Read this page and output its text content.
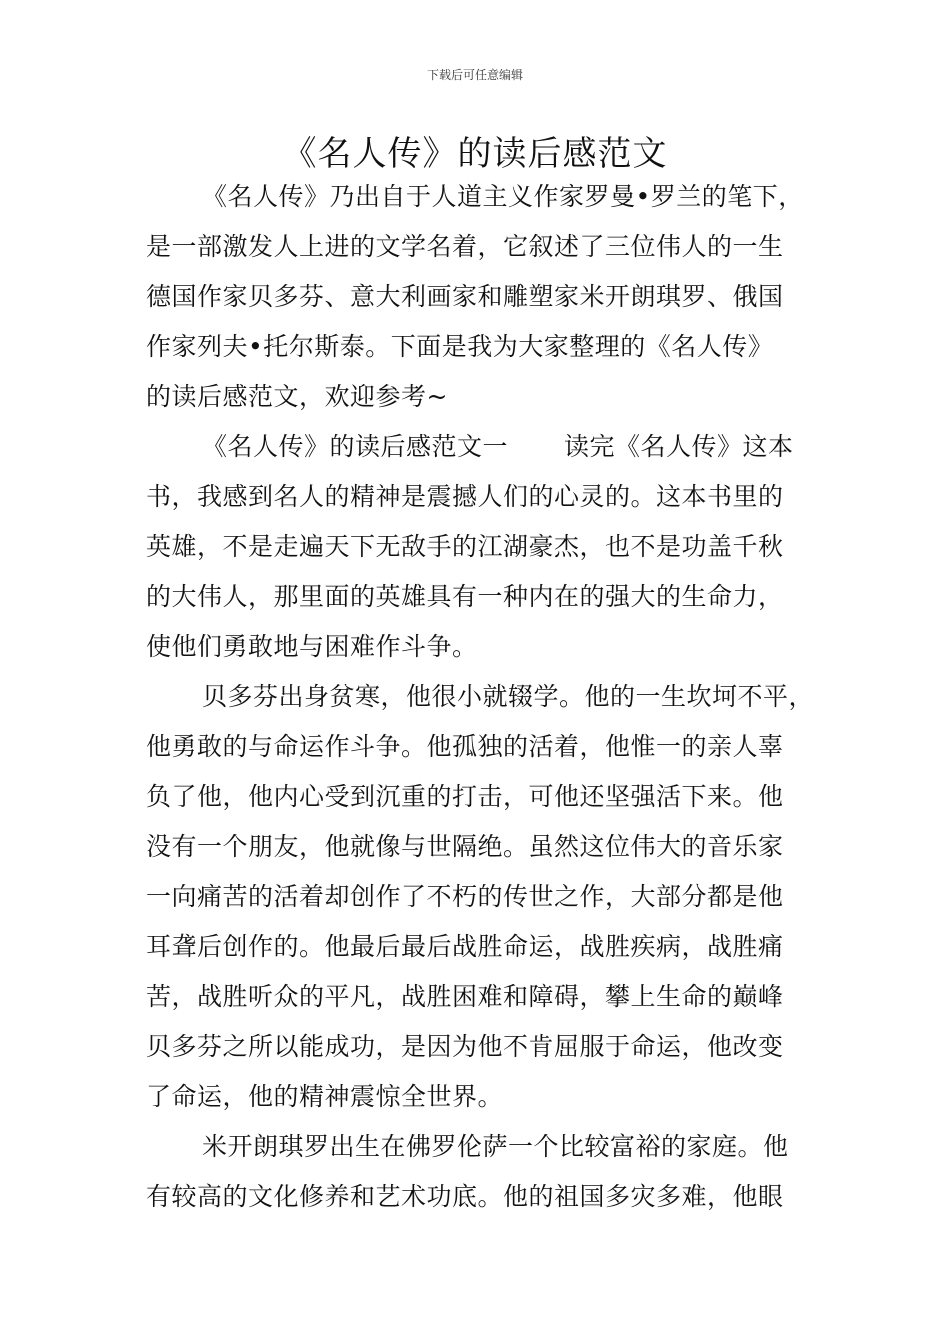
下载后可任意编辑
《名人传》的读后感范文
《名人传》乃出自于人道主义作家罗曼•罗兰的笔下，
是一部激发人上进的文学名着，它叙述了三位伟人的一生
德国作家贝多芬、意大利画家和雕塑家米开朗琪罗、俄国
作家列夫•托尔斯泰。下面是我为大家整理的《名人传》
的读后感范文，欢迎参考~
《名人传》的读后感范文一 读完《名人传》这本
书，我感到名人的精神是震撼人们的心灵的。这本书里的
英雄，不是走遍天下无敌手的江湖豪杰，也不是功盖千秋
的大伟人，那里面的英雄具有一种内在的强大的生命力，
使他们勇敢地与困难作斗争。
贝多芬出身贫寒，他很小就辍学。他的一生坎坷不平，
他勇敢的与命运作斗争。他孤独的活着，他惟一的亲人辜
负了他，他内心受到沉重的打击，可他还坚强活下来。他
没有一个朋友，他就像与世隔绝。虽然这位伟大的音乐家
一向痛苦的活着却创作了不朽的传世之作，大部分都是他
耳聋后创作的。他最后最后战胜命运，战胜疾病，战胜痛
苦，战胜听众的平凡，战胜困难和障碍，攀上生命的巅峰
贝多芬之所以能成功，是因为他不肯屈服于命运，他改变
了命运，他的精神震惊全世界。
米开朗琪罗出生在佛罗伦萨一个比较富裕的家庭。他
有较高的文化修养和艺术功底。他的祖国多灾多难，他眼
